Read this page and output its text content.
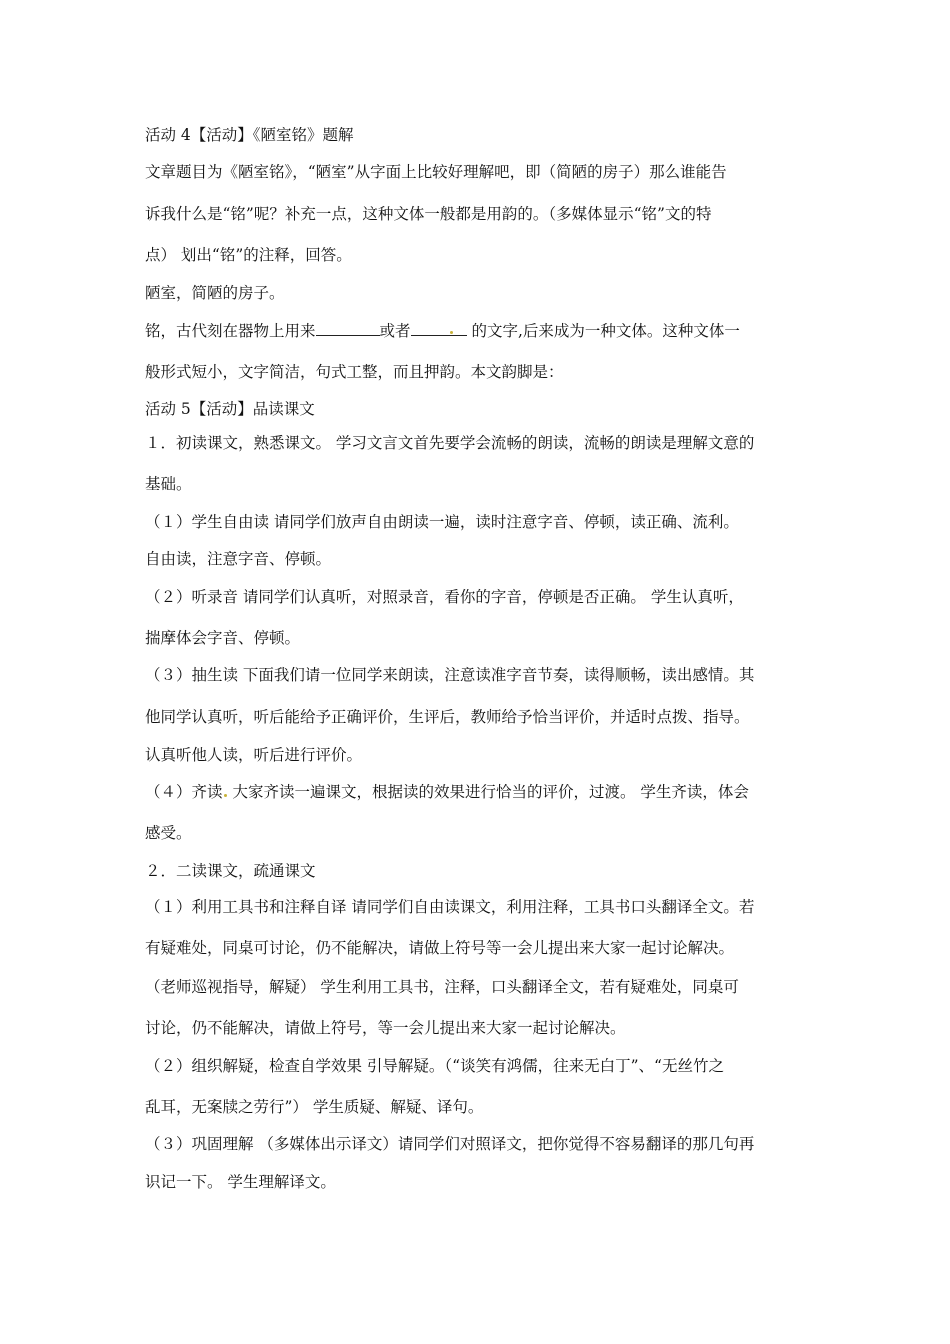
活动 4【活动】《陋室铭》题解
文章题目为《陋室铭》，“陋室”从字面上比较好理解吧，即（简陋的房子）那么谁能告
诉我什么是“铭”呢？补充一点，这种文体一般都是用韵的。（多媒体显示“铭”文的特
点） 划出“铭”的注释，回答。
陋室，简陋的房子。
铭，古代刻在器物上用来	或者	的文字,后来成为一种文体。这种文体一
般形式短小，文字简洁，句式工整，而且押韵。本文韵脚是：
活动 5【活动】品读课文
１．初读课文，熟悉课文。 学习文言文首先要学会流畅的朗读，流畅的朗读是理解文意的
基础。
（１）学生自由读 请同学们放声自由朗读一遍，读时注意字音、停顿，读正确、流利。
自由读，注意字音、停顿。
（２）听录音 请同学们认真听，对照录音，看你的字音，停顿是否正确。 学生认真听，
揣摩体会字音、停顿。
（３）抽生读 下面我们请一位同学来朗读，注意读准字音节奏，读得顺畅，读出感情。其
他同学认真听，听后能给予正确评价，生评后，教师给予恰当评价，并适时点拨、指导。
认真听他人读，听后进行评价。
（４）齐读 大家齐读一遍课文，根据读的效果进行恰当的评价，过渡。 学生齐读，体会
感受。
２．二读课文，疏通课文
（１）利用工具书和注释自译 请同学们自由读课文，利用注释，工具书口头翻译全文。若
有疑难处，同桌可讨论，仍不能解决，请做上符号等一会儿提出来大家一起讨论解决。
（老师巡视指导，解疑） 学生利用工具书，注释，口头翻译全文，若有疑难处，同桌可
讨论，仍不能解决，请做上符号，等一会儿提出来大家一起讨论解决。
（２）组织解疑，检查自学效果 引导解疑。（“谈笑有鸿儒，往来无白丁”、“无丝竹之
乱耳，无案牍之劳行”） 学生质疑、解疑、译句。
（３）巩固理解 （多媒体出示译文）请同学们对照译文，把你觉得不容易翻译的那几句再
识记一下。 学生理解译文。
